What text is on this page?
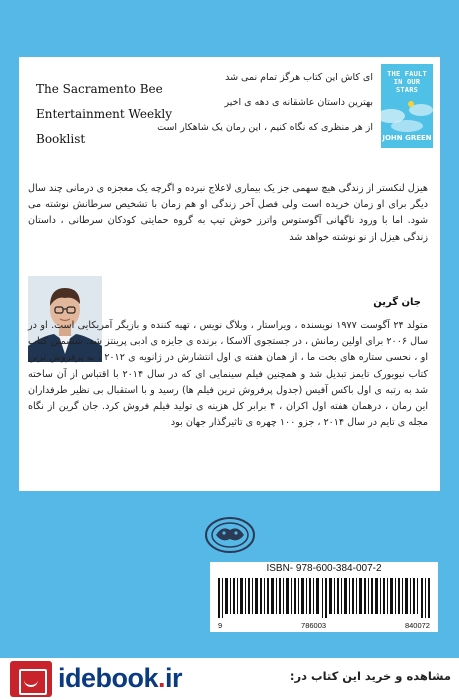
THE FAULT IN OUR STARS
JOHN GREEN
ای کاش این کتاب هرگز تمام نمی شد
بهترین داستان عاشقانه ی دهه ی اخیر
از هر منظری که نگاه کنیم ، این رمان یک شاهکار است
The Sacramento Bee
Entertainment Weekly
Booklist
هیزل لنکستر از زندگی هیچ سهمی جز یک بیماری لاعلاج نبرده و اگرچه یک معجزه ی درمانی چند سال دیگر برای او زمان خریده است ولی فصل آخر زندگی او هم زمان با تشخیص سرطانش نوشته می شود. اما با ورود ناگهانی آگوستوس واترز خوش تیپ به گروه حمایتی کودکان سرطانی ، داستان زندگی هیزل از نو نوشته خواهد شد
جان گرین
متولد ۲۴ آگوست ۱۹۷۷ نویسنده ، ویراستار ، وبلاگ نویس ، تهیه کننده و بازیگر آمریکایی است. او در سال ۲۰۰۶ برای اولین رمانش ، در جستجوی آلاسکا ، برنده ی جایزه ی ادبی پرینتز شد. ششمین کتاب او ، نحسی ستاره های بخت ما ، از همان هفته ی اول انتشارش در ژانویه ی ۲۰۱۲ ، به پرفروش ترین کتاب نیویورک تایمز تبدیل شد و همچنین فیلم سینمایی ای که در سال ۲۰۱۴ با اقتباس از آن ساخته شد به رتبه ی اول باکس آفیس (جدول پرفروش ترین فیلم ها) رسید و با استقبال بی نظیر طرفداران این رمان ، درهمان هفته اول اکران ، ۴ برابر کل هزینه ی تولید فیلم فروش کرد. جان گرین از نگاه مجله ی تایم در سال ۲۰۱۴ ، جزو ۱۰۰ چهره ی تاثیرگذار جهان بود
ISBN- 978-600-384-007-2
9	786003	840072
idebook.ir	مشاهده و خرید این کتاب در:
